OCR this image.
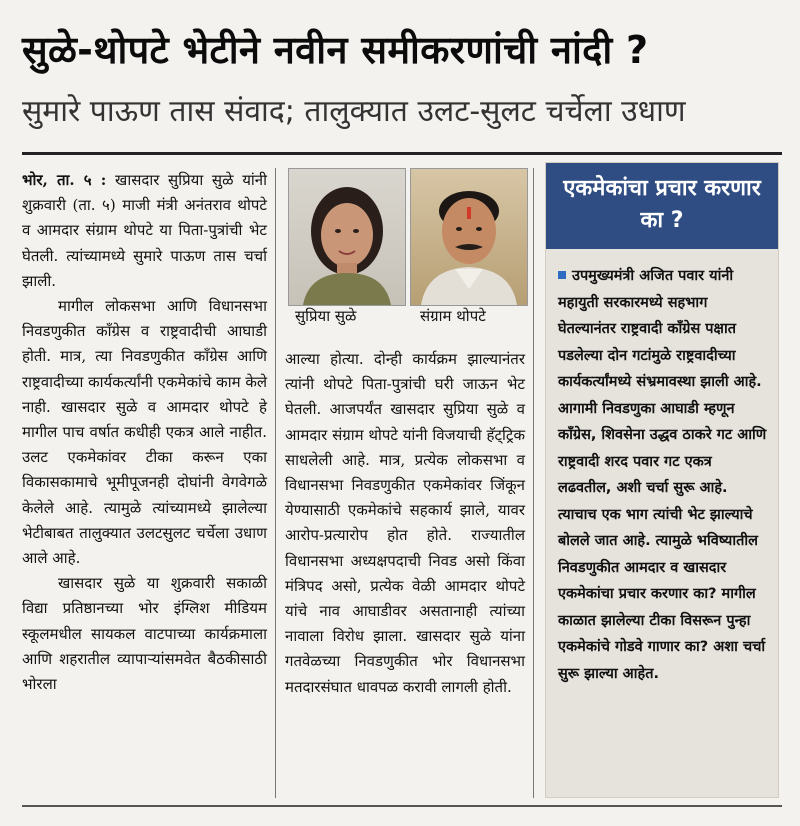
सुळे-थोपटे भेटीने नवीन समीकरणांची नांदी ?
सुमारे पाऊण तास संवाद; तालुक्यात उलट-सुलट चर्चेला उधाण

भोर, ता. ५ : खासदार सुप्रिया सुळे यांनी शुक्रवारी (ता. ५) माजी मंत्री अनंतराव थोपटे व आमदार संग्राम थोपटे या पिता-पुत्रांची भेट घेतली. त्यांच्यामध्ये सुमारे पाऊण तास चर्चा झाली.

मागील लोकसभा आणि विधानसभा निवडणुकीत काँग्रेस व राष्ट्रवादीची आघाडी होती. मात्र, त्या निवडणुकीत काँग्रेस आणि राष्ट्रवादीच्या कार्यकर्त्यांनी एकमेकांचे काम केले नाही. खासदार सुळे व आमदार थोपटे हे मागील पाच वर्षात कधीही एकत्र आले नाहीत. उलट एकमेकांवर टीका करून एका विकासकामाचे भूमीपूजनही दोघांनी वेगवेगळे केलेले आहे. त्यामुळे त्यांच्यामध्ये झालेल्या भेटीबाबत तालुक्यात उलटसुलट चर्चेला उधाण आले आहे.

खासदार सुळे या शुक्रवारी सकाळी विद्या प्रतिष्ठानच्या भोर इंग्लिश मीडियम स्कूलमधील सायकल वाटपाच्या कार्यक्रमाला आणि शहरातील व्यापाऱ्यांसमवेत बैठकीसाठी भोरला

सुप्रिया सुळे	संग्राम थोपटे

आल्या होत्या. दोन्ही कार्यक्रम झाल्यानंतर त्यांनी थोपटे पिता-पुत्रांची घरी जाऊन भेट घेतली. आजपर्यंत खासदार सुप्रिया सुळे व आमदार संग्राम थोपटे यांनी विजयाची हॅट्ट्रिक साधलेली आहे. मात्र, प्रत्येक लोकसभा व विधानसभा निवडणुकीत एकमेकांवर जिंकून येण्यासाठी एकमेकांचे सहकार्य झाले, यावर आरोप-प्रत्यारोप होत होते. राज्यातील विधानसभा अध्यक्षपदाची निवड असो किंवा मंत्रिपद असो, प्रत्येक वेळी आमदार थोपटे यांचे नाव आघाडीवर असतानाही त्यांच्या नावाला विरोध झाला. खासदार सुळे यांना गतवेळच्या निवडणुकीत भोर विधानसभा मतदारसंघात धावपळ करावी लागली होती.

एकमेकांचा प्रचार करणार का ?
उपमुख्यमंत्री अजित पवार यांनी महायुती सरकारमध्ये सहभाग घेतल्यानंतर राष्ट्रवादी काँग्रेस पक्षात पडलेल्या दोन गटांमुळे राष्ट्रवादीच्या कार्यकर्त्यांमध्ये संभ्रमावस्था झाली आहे. आगामी निवडणुका आघाडी म्हणून काँग्रेस, शिवसेना उद्धव ठाकरे गट आणि राष्ट्रवादी शरद पवार गट एकत्र लढवतील, अशी चर्चा सुरू आहे. त्याचाच एक भाग त्यांची भेट झाल्याचे बोलले जात आहे. त्यामुळे भविष्यातील निवडणुकीत आमदार व खासदार एकमेकांचा प्रचार करणार का? मागील काळात झालेल्या टीका विसरून पुन्हा एकमेकांचे गोडवे गाणार का? अशा चर्चा सुरू झाल्या आहेत.
